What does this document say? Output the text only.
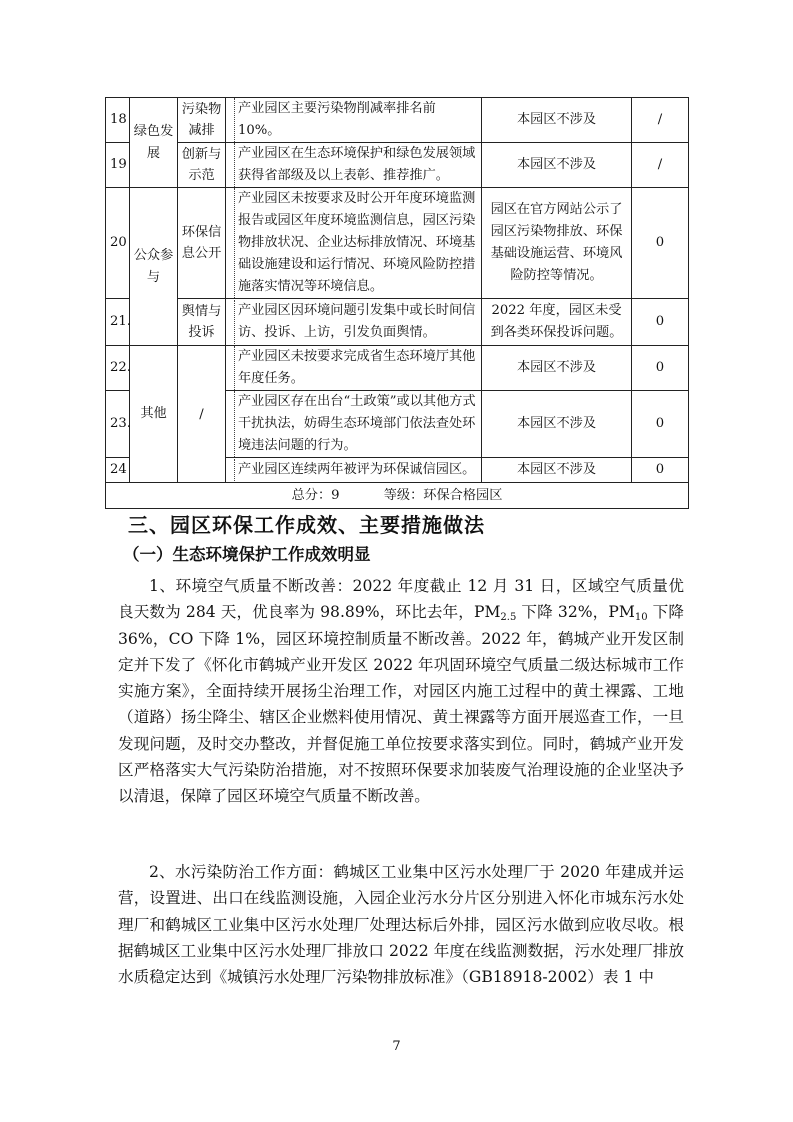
18	绿色发展	污染物减排	产业园区主要污染物削减率排名前 10%。	本园区不涉及	/
19		创新与示范	产业园区在生态环境保护和绿色发展领域获得省部级及以上表彰、推荐推广。	本园区不涉及	/
20	公众参与	环保信息公开	产业园区未按要求及时公开年度环境监测报告或园区年度环境监测信息，园区污染物排放状况、企业达标排放情况、环境基础设施建设和运行情况、环境风险防控措施落实情况等环境信息。	园区在官方网站公示了园区污染物排放、环保基础设施运营、环境风险防控等情况。	0
21.		舆情与投诉	产业园区因环境问题引发集中或长时间信访、投诉、上访，引发负面舆情。	2022 年度，园区未受到各类环保投诉问题。	0
22.	其他	/	产业园区未按要求完成省生态环境厅其他年度任务。	本园区不涉及	0
23.			产业园区存在出台“土政策”或以其他方式干扰执法，妨碍生态环境部门依法查处环境违法问题的行为。	本园区不涉及	0
24			产业园区连续两年被评为环保诚信园区。	本园区不涉及	0
总分：9 等级：环保合格园区					
三、园区环保工作成效、主要措施做法
（一）生态环境保护工作成效明显

1、环境空气质量不断改善：2022 年度截止 12 月 31 日，区域空气质量优良天数为 284 天，优良率为 98.89%，环比去年，$PM_{2.5}$ 下降 32%，$PM_{10}$ 下降 36%，CO 下降 1%，园区环境控制质量不断改善。2022 年，鹤城产业开发区制定并下发了《怀化市鹤城产业开发区 2022 年巩固环境空气质量二级达标城市工作实施方案》，全面持续开展扬尘治理工作，对园区内施工过程中的黄土裸露、工地（道路）扬尘降尘、辖区企业燃料使用情况、黄土裸露等方面开展巡查工作，一旦发现问题，及时交办整改，并督促施工单位按要求落实到位。同时，鹤城产业开发区严格落实大气污染防治措施，对不按照环保要求加装废气治理设施的企业坚决予以清退，保障了园区环境空气质量不断改善。

2、水污染防治工作方面：鹤城区工业集中区污水处理厂于 2020 年建成并运营，设置进、出口在线监测设施，入园企业污水分片区分别进入怀化市城东污水处理厂和鹤城区工业集中区污水处理厂处理达标后外排，园区污水做到应收尽收。根据鹤城区工业集中区污水处理厂排放口 2022 年度在线监测数据，污水处理厂排放水质稳定达到《城镇污水处理厂污染物排放标准》（GB18918-2002）表 1 中

7
